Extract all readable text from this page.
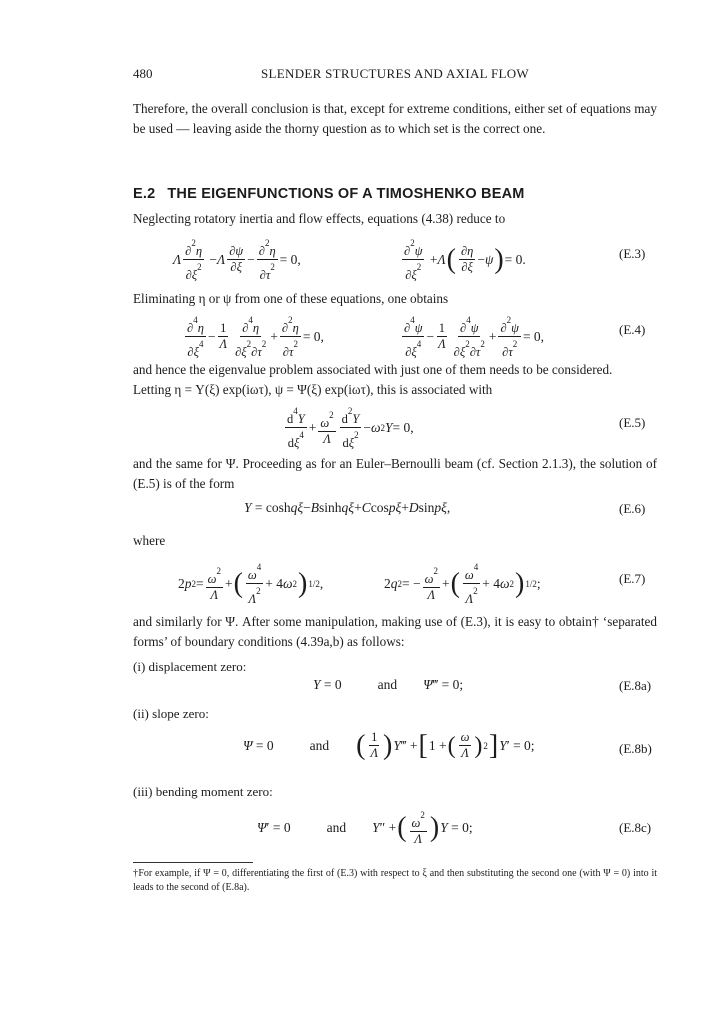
480	SLENDER STRUCTURES AND AXIAL FLOW
Therefore, the overall conclusion is that, except for extreme conditions, either set of equations may be used — leaving aside the thorny question as to which set is the correct one.
E.2 THE EIGENFUNCTIONS OF A TIMOSHENKO BEAM
Neglecting rotatory inertia and flow effects, equations (4.38) reduce to
Λ $\frac{\partial^2\eta}{\partial\xi^2} - \Lambda \frac{\partial\psi}{\partial\xi} - \frac{\partial^2\eta}{\partial\tau^2} = 0$,	$\frac{\partial^2\psi}{\partial\xi^2} + \Lambda$ ( $\frac{\partial\eta}{\partial\xi} - \psi$ ) = 0.	(E.3)
Eliminating η or ψ from one of these equations, one obtains
$\frac{\partial^4\eta}{\partial\xi^4} - \frac{1}{\Lambda} \frac{\partial^4\eta}{\partial\xi^2\partial\tau^2} + \frac{\partial^2\eta}{\partial\tau^2} = 0$,	$\frac{\partial^4\psi}{\partial\xi^4} - \frac{1}{\Lambda} \frac{\partial^4\psi}{\partial\xi^2\partial\tau^2} + \frac{\partial^2\psi}{\partial\tau^2} = 0$,	(E.4)
and hence the eigenvalue problem associated with just one of them needs to be considered.
Letting η = Y(ξ) exp(iωτ), ψ = Ψ(ξ) exp(iωτ), this is associated with
$\frac{d^4Y}{d\xi^4} + \frac{\omega^2}{\Lambda} \frac{d^2Y}{d\xi^2} - \omega$ 2 Y = 0,	(E.5)
and the same for Ψ. Proceeding as for an Euler–Bernoulli beam (cf. Section 2.1.3), the solution of (E.5) is of the form
Y = cosh qξ − B sinh qξ + C cos pξ + D sin pξ ,	(E.6)
where
2 p $2 = \frac{\omega^2}{\Lambda}$ + ( $\frac{\omega^4}{\Lambda^2} + 4$ ω 2 ) 1/2 ,	2 q 2 = − $\frac{\omega^2}{\Lambda}$ + ( $\frac{\omega^4}{\Lambda^2} + 4$ ω 2 ) 1/2 ;	(E.7)
and similarly for Ψ. After some manipulation, making use of (E.3), it is easy to obtain† ‘separated forms’ of boundary conditions (4.39a,b) as follows:
(i) displacement zero:
Y = 0	and Ψ ‴ = 0;	(E.8a)
(ii) slope zero:
Ψ = 0	and ( $\frac{1}{\Lambda}$ ) Y ‴ + [ 1 + ( $\frac{\omega}{\Lambda}$ ) 2 ] Y ′ = 0;	(E.8b)
(iii) bending moment zero:
Ψ ′ = 0	and Y ″ + ( $\frac{\omega^2}{\Lambda}$ ) Y = 0;	(E.8c)
†For example, if Ψ = 0, differentiating the first of (E.3) with respect to ξ and then substituting the second one (with Ψ = 0) into it leads to the second of (E.8a).
